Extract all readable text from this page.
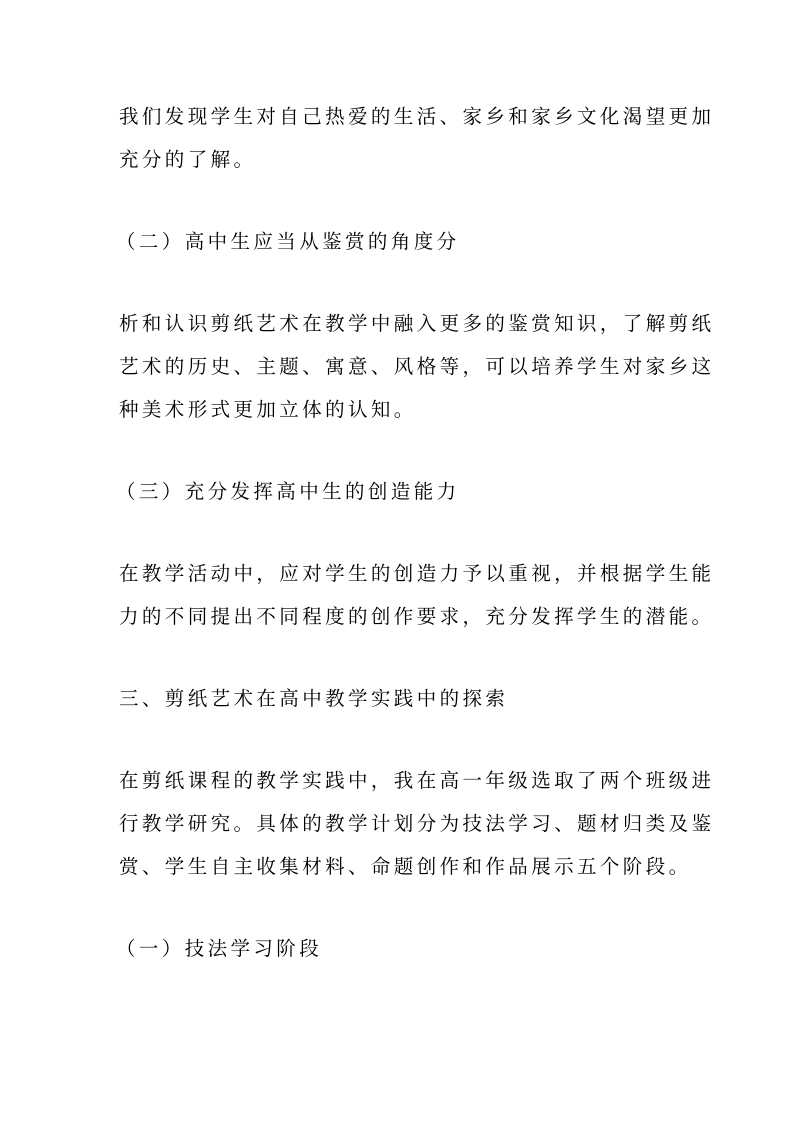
我们发现学生对自己热爱的生活、家乡和家乡文化渴望更加

充分的了解。

（二）高中生应当从鉴赏的角度分

析和认识剪纸艺术在教学中融入更多的鉴赏知识，了解剪纸

艺术的历史、主题、寓意、风格等，可以培养学生对家乡这

种美术形式更加立体的认知。

（三）充分发挥高中生的创造能力

在教学活动中，应对学生的创造力予以重视，并根据学生能

力的不同提出不同程度的创作要求，充分发挥学生的潜能。

三、剪纸艺术在高中教学实践中的探索

在剪纸课程的教学实践中，我在高一年级选取了两个班级进

行教学研究。具体的教学计划分为技法学习、题材归类及鉴

赏、学生自主收集材料、命题创作和作品展示五个阶段。

（一）技法学习阶段
